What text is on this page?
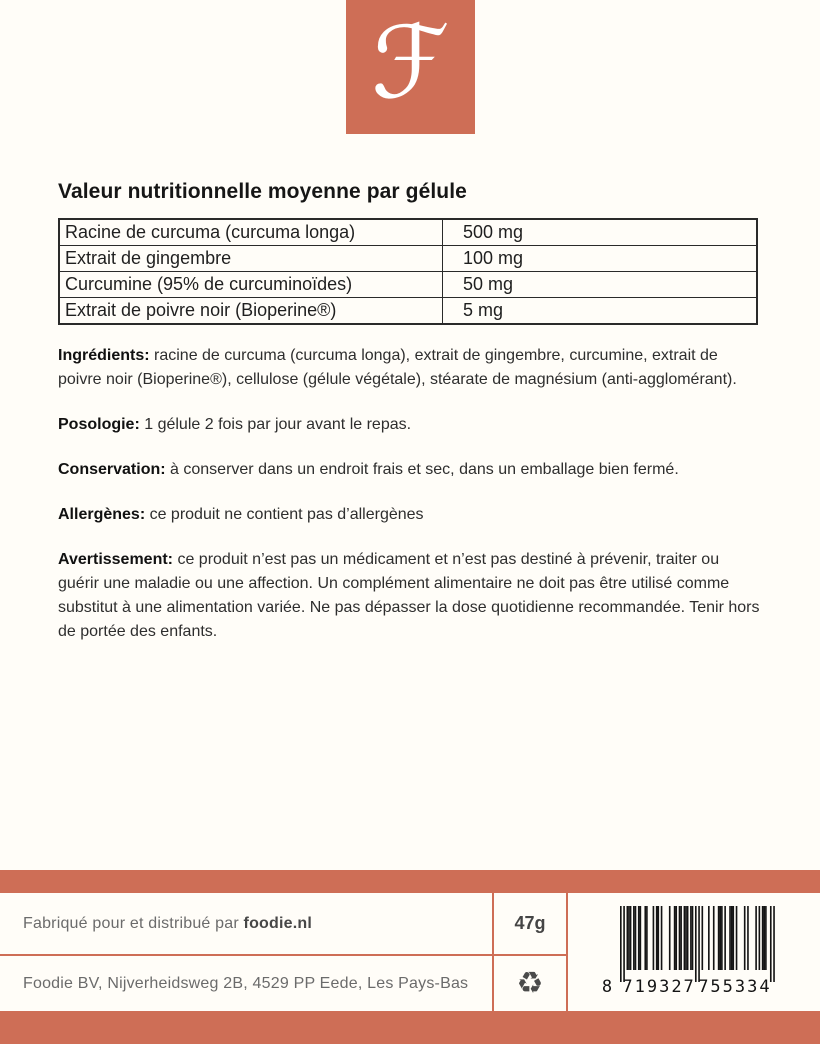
ℱ
Valeur nutritionnelle moyenne par gélule
Racine de curcuma (curcuma longa)	500 mg
Extrait de gingembre	100 mg
Curcumine (95% de curcuminoïdes)	50 mg
Extrait de poivre noir (Bioperine®)	5 mg

Ingrédients: racine de curcuma (curcuma longa), extrait de gingembre, curcumine, extrait de poivre noir (Bioperine®), cellulose (gélule végétale), stéarate de magnésium (anti-agglomérant).

Posologie: 1 gélule 2 fois par jour avant le repas.

Conservation: à conserver dans un endroit frais et sec, dans un emballage bien fermé.

Allergènes: ce produit ne contient pas d’allergènes

Avertissement: ce produit n’est pas un médicament et n’est pas destiné à prévenir, traiter ou guérir une maladie ou une affection. Un complément alimentaire ne doit pas être utilisé comme substitut à une alimentation variée. Ne pas dépasser la dose quotidienne recommandée. Tenir hors de portée des enfants.

Fabriqué pour et distribué par foodie.nl
Foodie BV, Nijverheidsweg 2B, 4529 PP Eede, Les Pays-Bas
47g
♻	8 719327 755334
